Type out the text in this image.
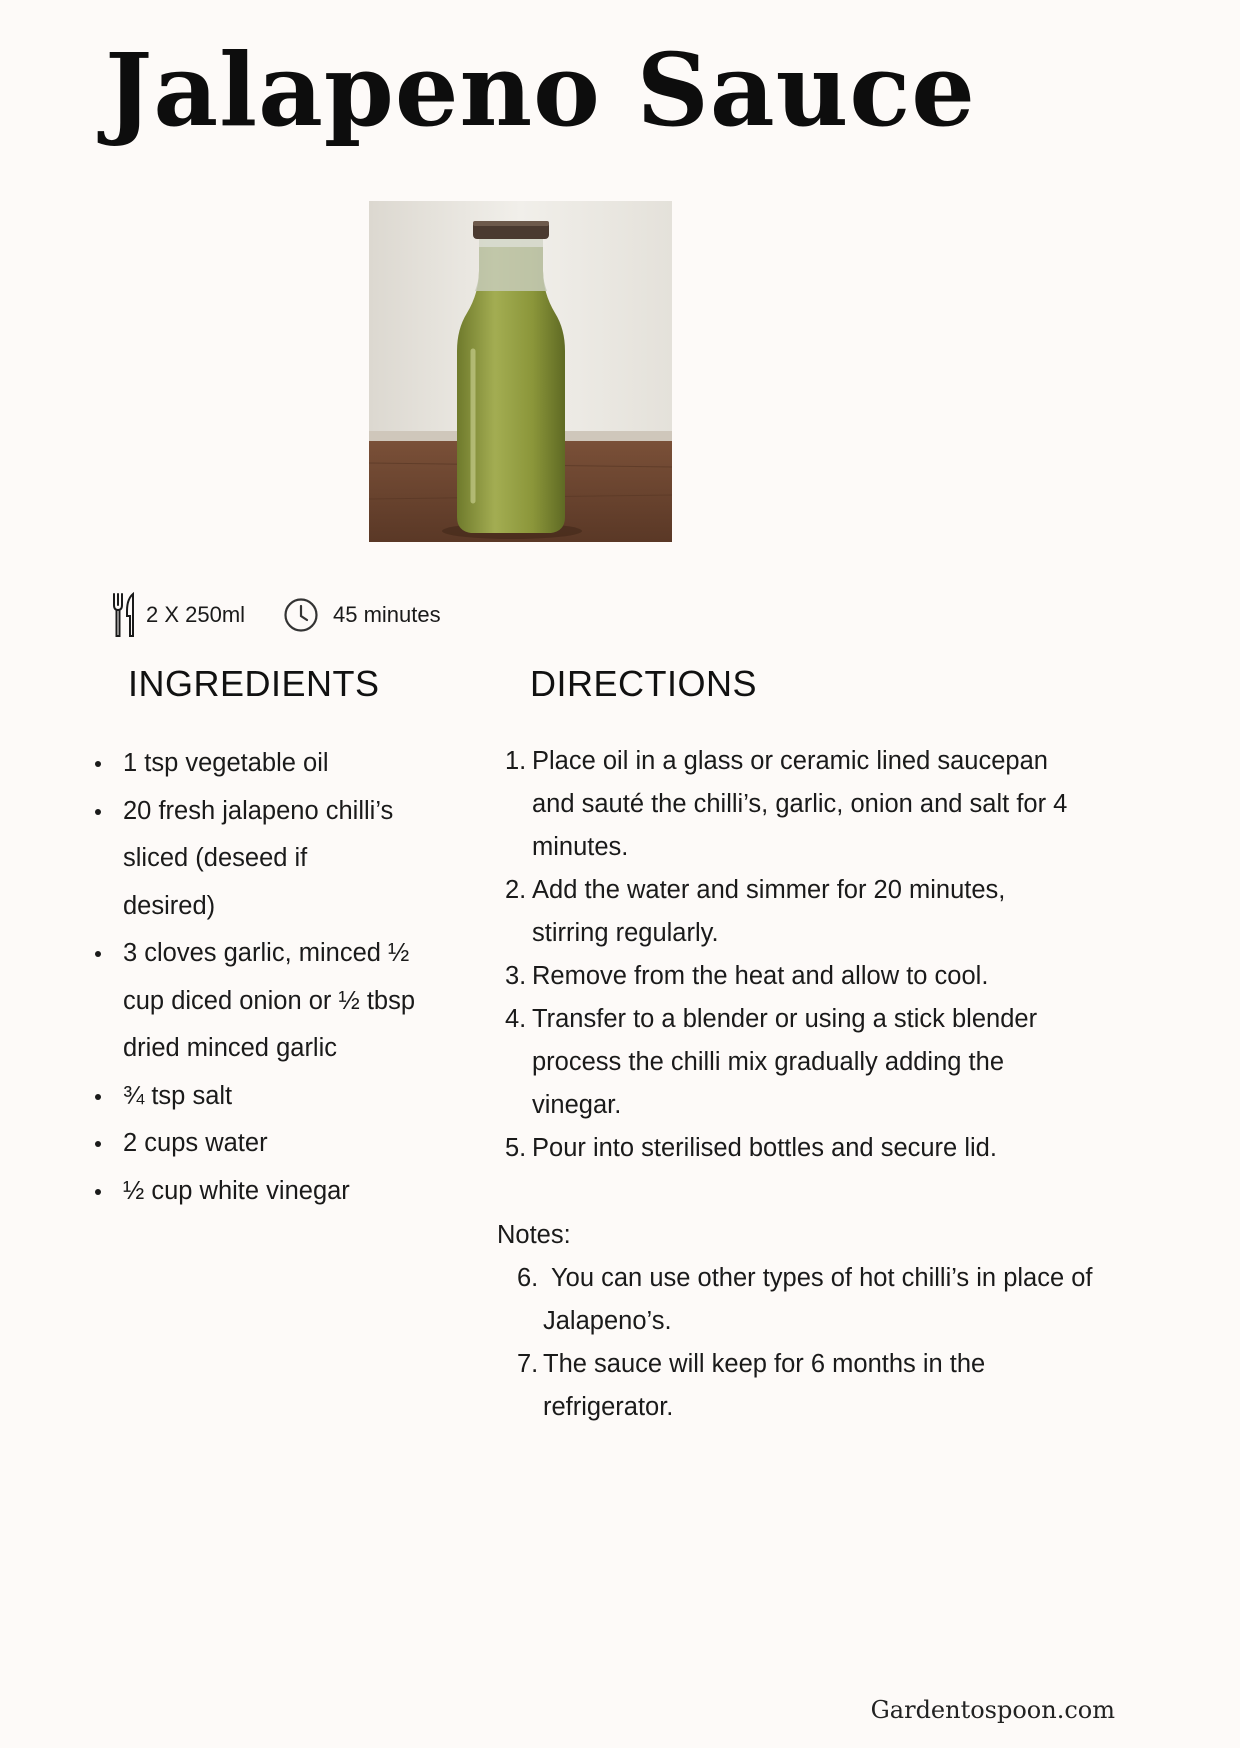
Jalapeno Sauce
2 X 250ml	45 minutes
INGREDIENTS	DIRECTIONS
1 tsp vegetable oil
20 fresh jalapeno chilli’s sliced (deseed if desired)
3 cloves garlic, minced ½ cup diced onion or ½ tbsp dried minced garlic
¾ tsp salt
2 cups water
½ cup white vinegar
1. Place oil in a glass or ceramic lined saucepan and sauté the chilli’s, garlic, onion and salt for 4 minutes.
2. Add the water and simmer for 20 minutes, stirring regularly.
3. Remove from the heat and allow to cool.
4. Transfer to a blender or using a stick blender process the chilli mix gradually adding the vinegar.
5. Pour into sterilised bottles and secure lid.
Notes:
6. You can use other types of hot chilli’s in place of Jalapeno’s.
7. The sauce will keep for 6 months in the refrigerator.
Gardentospoon.com
